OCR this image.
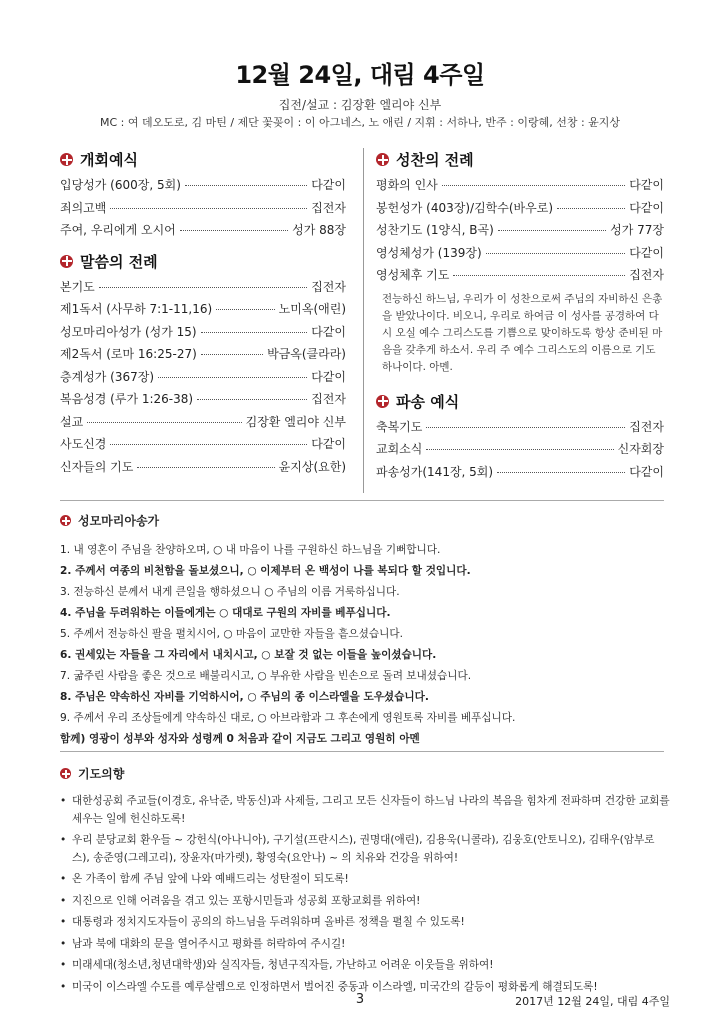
12월 24일, 대림 4주일
집전/설교 : 김장환 엘리야 신부
MC : 여 데오도로, 김 마틴 / 제단 꽃꽂이 : 이 아그네스, 노 애린 / 지휘 : 서하나, 반주 : 이랑혜, 선창 : 윤지상
개회예식
입당성가 (600장, 5회)	다같이
죄의고백	집전자
주여, 우리에게 오시어	성가 88장
말씀의 전례
본기도	집전자
제1독서 (사무하 7:1-11,16)	노미옥(애린)
성모마리아성가 (성가 15)	다같이
제2독서 (로마 16:25-27)	박금옥(클라라)
층계성가 (367장)	다같이
복음성경 (루가 1:26-38)	집전자
설교	김장환 엘리야 신부
사도신경	다같이
신자들의 기도	윤지상(요한)
성찬의 전례
평화의 인사	다같이
봉헌성가 (403장)/김학수(바우로)	다같이
성찬기도 (1양식, B곡)	성가 77장
영성체성가 (139장)	다같이
영성체후 기도	집전자
전능하신 하느님, 우리가 이 성찬으로써 주님의 자비하신 은총을 받았나이다. 비오니, 우리로 하여금 이 성사를 공경하여 다시 오실 예수 그리스도를 기쁨으로 맞이하도록 항상 준비된 마음을 갖추게 하소서. 우리 주 예수 그리스도의 이름으로 기도하나이다. 아멘.
파송 예식
축복기도	집전자
교회소식	신자회장
파송성가(141장, 5회)	다같이
성모마리아송가
1. 내 영혼이 주님을 찬양하오며, ○ 내 마음이 나를 구원하신 하느님을 기뻐합니다.
2. 주께서 여종의 비천함을 돌보셨으니, ○ 이제부터 온 백성이 나를 복되다 할 것입니다.
3. 전능하신 분께서 내게 큰일을 행하셨으니 ○ 주님의 이름 거룩하십니다.
4. 주님을 두려워하는 이들에게는 ○ 대대로 구원의 자비를 베푸십니다.
5. 주께서 전능하신 팔을 펼치시어, ○ 마음이 교만한 자들을 흩으셨습니다.
6. 권세있는 자들을 그 자리에서 내치시고, ○ 보잘 것 없는 이들을 높이셨습니다.
7. 굶주린 사람을 좋은 것으로 배불리시고, ○ 부유한 사람을 빈손으로 돌려 보내셨습니다.
8. 주님은 약속하신 자비를 기억하시어, ○ 주님의 종 이스라엘을 도우셨습니다.
9. 주께서 우리 조상들에게 약속하신 대로, ○ 아브라함과 그 후손에게 영원토록 자비를 베푸십니다.
함께) 영광이 성부와 성자와 성령께 0 처음과 같이 지금도 그리고 영원히 아멘
기도의향
• 대한성공회 주교들(이경호, 유낙준, 박동신)과 사제들, 그리고 모든 신자들이 하느님 나라의 복음을 힘차게 전파하며 건강한 교회를 세우는 일에 헌신하도록!
• 우리 분당교회 환우들 ~ 강헌식(아나니아), 구기설(프란시스), 권명대(애린), 김용욱(니콜라), 김웅호(안토니오), 김태우(암부로스), 송준영(그레고리), 장윤자(마가렛), 황영숙(요안나) ~ 의 치유와 건강을 위하여!
• 온 가족이 함께 주님 앞에 나와 예배드리는 성탄절이 되도록!
• 지진으로 인해 어려움을 겪고 있는 포항시민들과 성공회 포항교회를 위하여!
• 대통령과 정치지도자들이 공의의 하느님을 두려워하며 올바른 정책을 펼칠 수 있도록!
• 남과 북에 대화의 문을 열어주시고 평화를 허락하여 주시길!
• 미래세대(청소년,청년대학생)와 실직자들, 청년구직자들, 가난하고 어려운 이웃들을 위하여!
• 미국이 이스라엘 수도를 예루살렘으로 인정하면서 벌어진 중동과 이스라엘, 미국간의 갈등이 평화롭게 해결되도록!
3	2017년 12월 24일, 대림 4주일
